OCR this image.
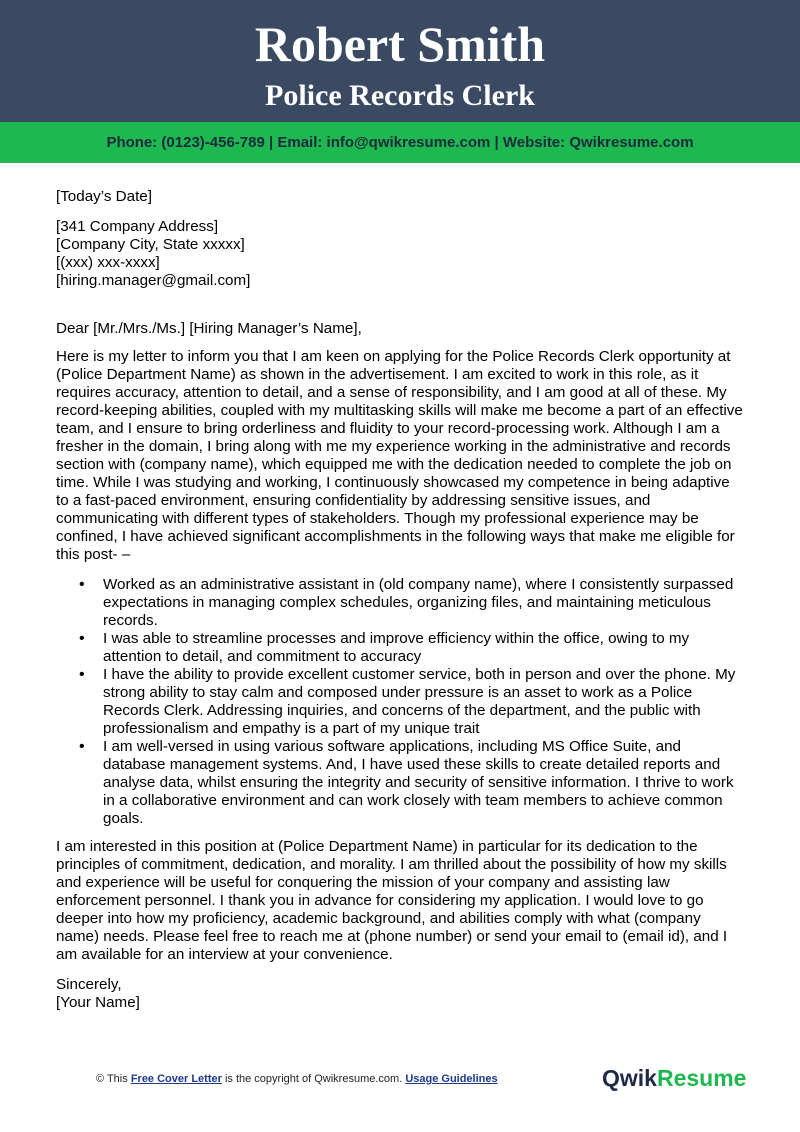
Robert Smith
Police Records Clerk
Phone: (0123)-456-789 | Email: info@qwikresume.com | Website: Qwikresume.com

[Today’s Date]

[341 Company Address]

[Company City, State xxxxx]

[(xxx) xxx-xxxx]

[hiring.manager@gmail.com]

Dear [Mr./Mrs./Ms.] [Hiring Manager’s Name],

Here is my letter to inform you that I am keen on applying for the Police Records Clerk opportunity at (Police Department Name) as shown in the advertisement. I am excited to work in this role, as it requires accuracy, attention to detail, and a sense of responsibility, and I am good at all of these. My record-keeping abilities, coupled with my multitasking skills will make me become a part of an effective team, and I ensure to bring orderliness and fluidity to your record-processing work. Although I am a fresher in the domain, I bring along with me my experience working in the administrative and records section with (company name), which equipped me with the dedication needed to complete the job on time. While I was studying and working, I continuously showcased my competence in being adaptive to a fast-paced environment, ensuring confidentiality by addressing sensitive issues, and communicating with different types of stakeholders. Though my professional experience may be confined, I have achieved significant accomplishments in the following ways that make me eligible for this post- –

• Worked as an administrative assistant in (old company name), where I consistently surpassed expectations in managing complex schedules, organizing files, and maintaining meticulous records.
• I was able to streamline processes and improve efficiency within the office, owing to my attention to detail, and commitment to accuracy
• I have the ability to provide excellent customer service, both in person and over the phone. My strong ability to stay calm and composed under pressure is an asset to work as a Police Records Clerk. Addressing inquiries, and concerns of the department, and the public with professionalism and empathy is a part of my unique trait
• I am well-versed in using various software applications, including MS Office Suite, and database management systems. And, I have used these skills to create detailed reports and analyse data, whilst ensuring the integrity and security of sensitive information. I thrive to work in a collaborative environment and can work closely with team members to achieve common goals.

I am interested in this position at (Police Department Name) in particular for its dedication to the principles of commitment, dedication, and morality. I am thrilled about the possibility of how my skills and experience will be useful for conquering the mission of your company and assisting law enforcement personnel. I thank you in advance for considering my application. I would love to go deeper into how my proficiency, academic background, and abilities comply with what (company name) needs. Please feel free to reach me at (phone number) or send your email to (email id), and I am available for an interview at your convenience.

Sincerely,

[Your Name]

© This Free Cover Letter is the copyright of Qwikresume.com. Usage Guidelines	QwikResume
